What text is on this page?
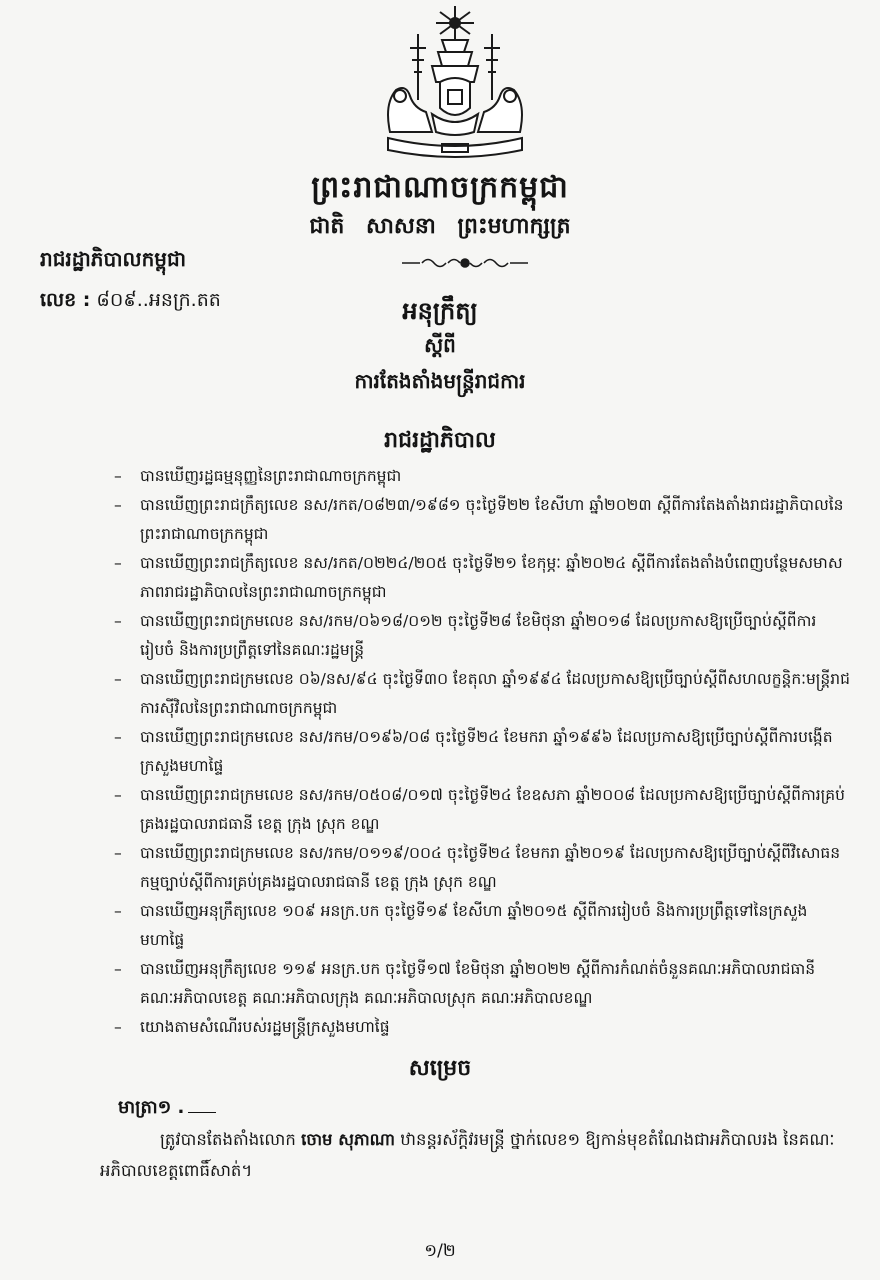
ព្រះរាជាណាចក្រកម្ពុជា
ជាតិ សាសនា ព្រះមហាក្សត្រ
រាជរដ្ឋាភិបាលកម្ពុជា
លេខ : ៨០៩..អនក្រ.តត	អនុក្រឹត្យ
ស្តីពី
ការតែងតាំងមន្ត្រីរាជការ
រាជរដ្ឋាភិបាល
– បានឃើញរដ្ឋធម្មនុញ្ញនៃព្រះរាជាណាចក្រកម្ពុជា
– បានឃើញព្រះរាជក្រឹត្យលេខ នស/រកត/០៨២៣/១៩៨១ ចុះថ្ងៃទី២២ ខែសីហា ឆ្នាំ២០២៣ ស្តីពីការតែងតាំងរាជរដ្ឋាភិបាលនៃព្រះរាជាណាចក្រកម្ពុជា
– បានឃើញព្រះរាជក្រឹត្យលេខ នស/រកត/០២២៤/២០៥ ចុះថ្ងៃទី២១ ខែកុម្ភៈ ឆ្នាំ២០២៤ ស្តីពីការតែងតាំងបំពេញបន្ថែមសមាសភាពរាជរដ្ឋាភិបាលនៃព្រះរាជាណាចក្រកម្ពុជា
– បានឃើញព្រះរាជក្រមលេខ នស/រកម/០៦១៨/០១២ ចុះថ្ងៃទី២៨ ខែមិថុនា ឆ្នាំ២០១៨ ដែលប្រកាសឱ្យប្រើច្បាប់ស្តីពីការរៀបចំ និងការប្រព្រឹត្តទៅនៃគណៈរដ្ឋមន្ត្រី
– បានឃើញព្រះរាជក្រមលេខ ០៦/នស/៩៤ ចុះថ្ងៃទី៣០ ខែតុលា ឆ្នាំ១៩៩៤ ដែលប្រកាសឱ្យប្រើច្បាប់ស្តីពីសហលក្ខន្តិកៈមន្ត្រីរាជការស៊ីវិលនៃព្រះរាជាណាចក្រកម្ពុជា
– បានឃើញព្រះរាជក្រមលេខ នស/រកម/០១៩៦/០៨ ចុះថ្ងៃទី២៤ ខែមករា ឆ្នាំ១៩៩៦ ដែលប្រកាសឱ្យប្រើច្បាប់ស្តីពីការបង្កើតក្រសួងមហាផ្ទៃ
– បានឃើញព្រះរាជក្រមលេខ នស/រកម/០៥០៨/០១៧ ចុះថ្ងៃទី២៤ ខែឧសភា ឆ្នាំ២០០៨ ដែលប្រកាសឱ្យប្រើច្បាប់ស្តីពីការគ្រប់គ្រងរដ្ឋបាលរាជធានី ខេត្ត ក្រុង ស្រុក ខណ្ឌ
– បានឃើញព្រះរាជក្រមលេខ នស/រកម/០១១៩/០០៤ ចុះថ្ងៃទី២៤ ខែមករា ឆ្នាំ២០១៩ ដែលប្រកាសឱ្យប្រើច្បាប់ស្តីពីវិសោធនកម្មច្បាប់ស្តីពីការគ្រប់គ្រងរដ្ឋបាលរាជធានី ខេត្ត ក្រុង ស្រុក ខណ្ឌ
– បានឃើញអនុក្រឹត្យលេខ ១០៩ អនក្រ.បក ចុះថ្ងៃទី១៩ ខែសីហា ឆ្នាំ២០១៥ ស្តីពីការរៀបចំ និងការប្រព្រឹត្តទៅនៃក្រសួងមហាផ្ទៃ
– បានឃើញអនុក្រឹត្យលេខ ១១៩ អនក្រ.បក ចុះថ្ងៃទី១៧ ខែមិថុនា ឆ្នាំ២០២២ ស្តីពីការកំណត់ចំនួនគណៈអភិបាលរាជធានី គណៈអភិបាលខេត្ត គណៈអភិបាលក្រុង គណៈអភិបាលស្រុក គណៈអភិបាលខណ្ឌ
– យោងតាមសំណើរបស់រដ្ឋមន្ត្រីក្រសួងមហាផ្ទៃ
សម្រេច
មាត្រា១ .

ត្រូវបានតែងតាំងលោក ចោម សុភាណា ឋានន្តរស័ក្តិវរមន្ត្រី ថ្នាក់លេខ១ ឱ្យកាន់មុខតំណែងជាអភិបាលរង នៃគណៈអភិបាលខេត្តពោធិ៍សាត់។

១/២
